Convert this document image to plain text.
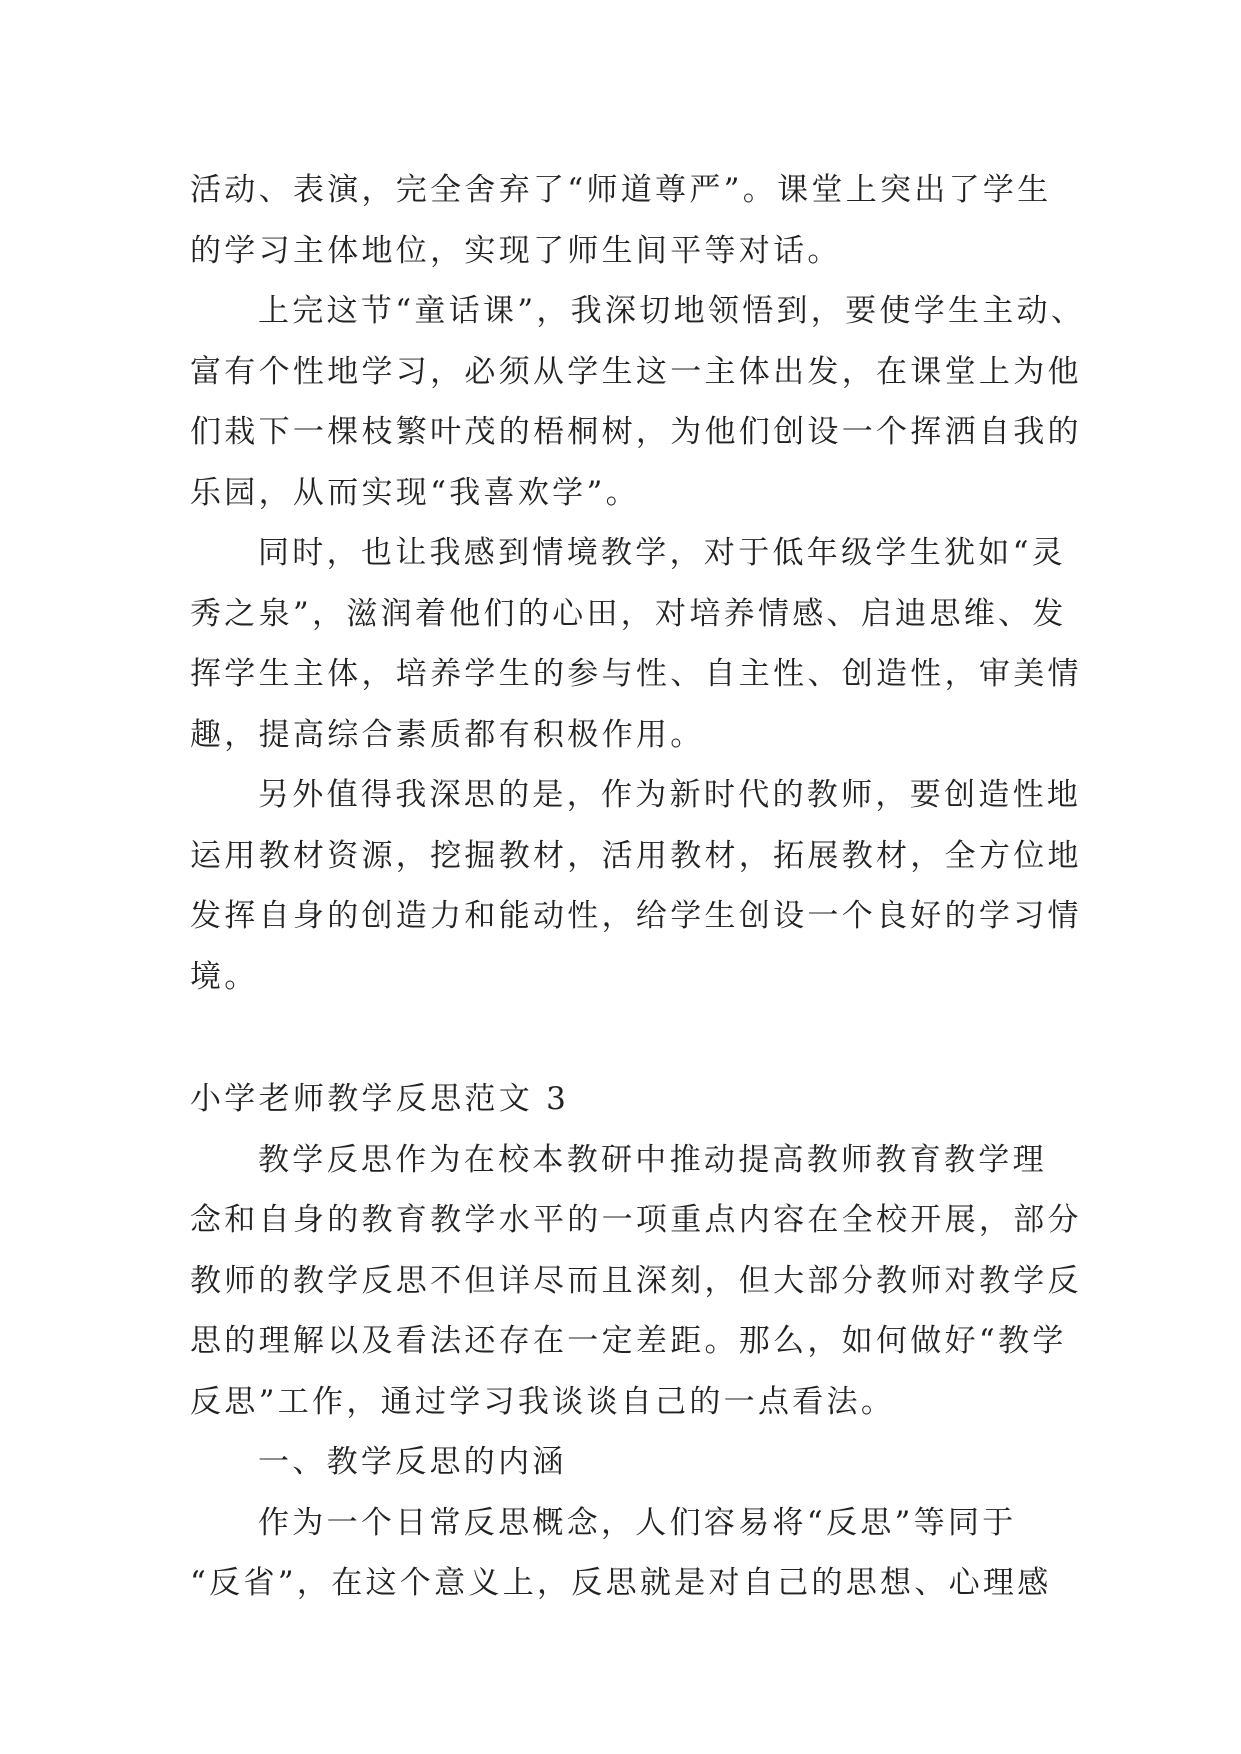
活动、表演，完全舍弃了“师道尊严”。课堂上突出了学生
的学习主体地位，实现了师生间平等对话。
上完这节“童话课”，我深切地领悟到，要使学生主动、
富有个性地学习，必须从学生这一主体出发，在课堂上为他
们栽下一棵枝繁叶茂的梧桐树，为他们创设一个挥洒自我的
乐园，从而实现“我喜欢学”。
同时，也让我感到情境教学，对于低年级学生犹如“灵
秀之泉”，滋润着他们的心田，对培养情感、启迪思维、发
挥学生主体，培养学生的参与性、自主性、创造性，审美情
趣，提高综合素质都有积极作用。
另外值得我深思的是，作为新时代的教师，要创造性地
运用教材资源，挖掘教材，活用教材，拓展教材，全方位地
发挥自身的创造力和能动性，给学生创设一个良好的学习情
境。
小学老师教学反思范文 3
教学反思作为在校本教研中推动提高教师教育教学理
念和自身的教育教学水平的一项重点内容在全校开展，部分
教师的教学反思不但详尽而且深刻，但大部分教师对教学反
思的理解以及看法还存在一定差距。那么，如何做好“教学
反思”工作，通过学习我谈谈自己的一点看法。
一、教学反思的内涵
作为一个日常反思概念，人们容易将“反思”等同于
“反省”，在这个意义上，反思就是对自己的思想、心理感
